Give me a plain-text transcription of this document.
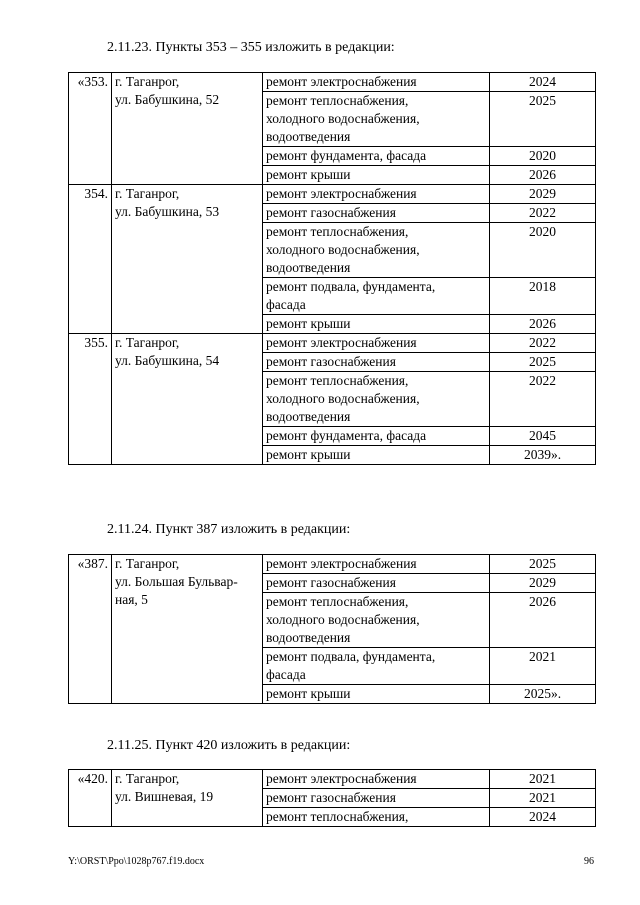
2.11.23. Пункты 353 – 355 изложить в редакции:
«353.	г. Таганрог,
ул. Бабушкина, 52	ремонт электроснабжения	2024

		ремонт теплоснабжения,
холодного водоснабжения,
водоотведения	2025

		ремонт фундамента, фасада	2020

		ремонт крыши	2026
354.	г. Таганрог,
ул. Бабушкина, 53	ремонт электроснабжения	2029

		ремонт газоснабжения	2022

		ремонт теплоснабжения,
холодного водоснабжения,
водоотведения	2020

		ремонт подвала, фундамента,
фасада	2018

		ремонт крыши	2026
355.	г. Таганрог,
ул. Бабушкина, 54	ремонт электроснабжения	2022

		ремонт газоснабжения	2025

		ремонт теплоснабжения,
холодного водоснабжения,
водоотведения	2022

		ремонт фундамента, фасада	2045

		ремонт крыши	2039».
2.11.24. Пункт 387 изложить в редакции:
«387.	г. Таганрог,
ул. Большая Бульвар-
ная, 5	ремонт электроснабжения	2025

		ремонт газоснабжения	2029

		ремонт теплоснабжения,
холодного водоснабжения,
водоотведения	2026

		ремонт подвала, фундамента,
фасада	2021

		ремонт крыши	2025».
2.11.25. Пункт 420 изложить в редакции:
«420.	г. Таганрог,
ул. Вишневая, 19	ремонт электроснабжения	2021

		ремонт газоснабжения	2021

		ремонт теплоснабжения,	2024
Y:\ORST\Ppo\1028p767.f19.docx	96
